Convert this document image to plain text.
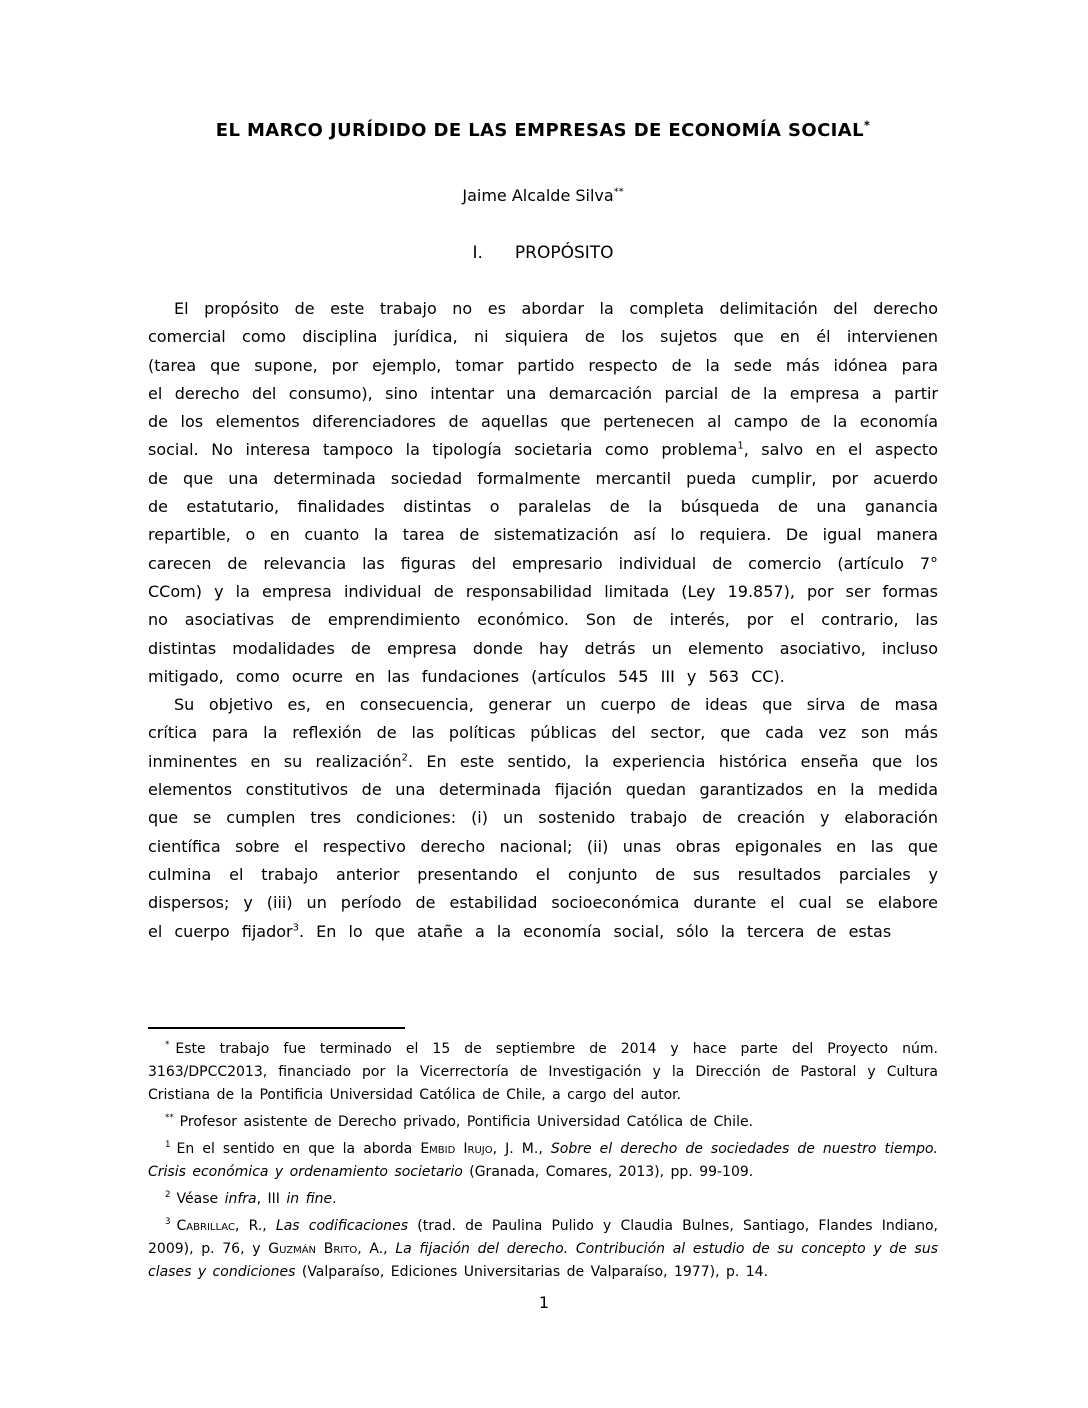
EL MARCO JURÍDIDO DE LAS EMPRESAS DE ECONOMÍA SOCIAL*
Jaime Alcalde Silva**
I. PROPÓSITO

El propósito de este trabajo no es abordar la completa delimitación del derecho comercial como disciplina jurídica, ni siquiera de los sujetos que en él intervienen (tarea que supone, por ejemplo, tomar partido respecto de la sede más idónea para el derecho del consumo), sino intentar una demarcación parcial de la empresa a partir de los elementos diferenciadores de aquellas que pertenecen al campo de la economía social. No interesa tampoco la tipología societaria como problema$^1$, salvo en el aspecto de que una determinada sociedad formalmente mercantil pueda cumplir, por acuerdo de estatutario, finalidades distintas o paralelas de la búsqueda de una ganancia repartible, o en cuanto la tarea de sistematización así lo requiera. De igual manera carecen de relevancia las figuras del empresario individual de comercio (artículo 7° CCom) y la empresa individual de responsabilidad limitada (Ley 19.857), por ser formas no asociativas de emprendimiento económico. Son de interés, por el contrario, las distintas modalidades de empresa donde hay detrás un elemento asociativo, incluso mitigado, como ocurre en las fundaciones (artículos 545 III y 563 CC).

Su objetivo es, en consecuencia, generar un cuerpo de ideas que sirva de masa crítica para la reflexión de las políticas públicas del sector, que cada vez son más inminentes en su realización$^2$. En este sentido, la experiencia histórica enseña que los elementos constitutivos de una determinada fijación quedan garantizados en la medida que se cumplen tres condiciones: (i) un sostenido trabajo de creación y elaboración científica sobre el respectivo derecho nacional; (ii) unas obras epigonales en las que culmina el trabajo anterior presentando el conjunto de sus resultados parciales y dispersos; y (iii) un período de estabilidad socioeconómica durante el cual se elabore el cuerpo fijador$^3$. En lo que atañe a la economía social, sólo la tercera de estas

* Este trabajo fue terminado el 15 de septiembre de 2014 y hace parte del Proyecto núm. 3163/DPCC2013, financiado por la Vicerrectoría de Investigación y la Dirección de Pastoral y Cultura Cristiana de la Pontificia Universidad Católica de Chile, a cargo del autor.

** Profesor asistente de Derecho privado, Pontificia Universidad Católica de Chile.

$^1$ En el sentido en que la aborda Embid Irujo, J. M., Sobre el derecho de sociedades de nuestro tiempo. Crisis económica y ordenamiento societario (Granada, Comares, 2013), pp. 99-109.

$^2$ Véase infra, III in fine.

$^3$ Cabrillac, R., Las codificaciones (trad. de Paulina Pulido y Claudia Bulnes, Santiago, Flandes Indiano, 2009), p. 76, y Guzmán Brito, A., La fijación del derecho. Contribución al estudio de su concepto y de sus clases y condiciones (Valparaíso, Ediciones Universitarias de Valparaíso, 1977), p. 14.

1
